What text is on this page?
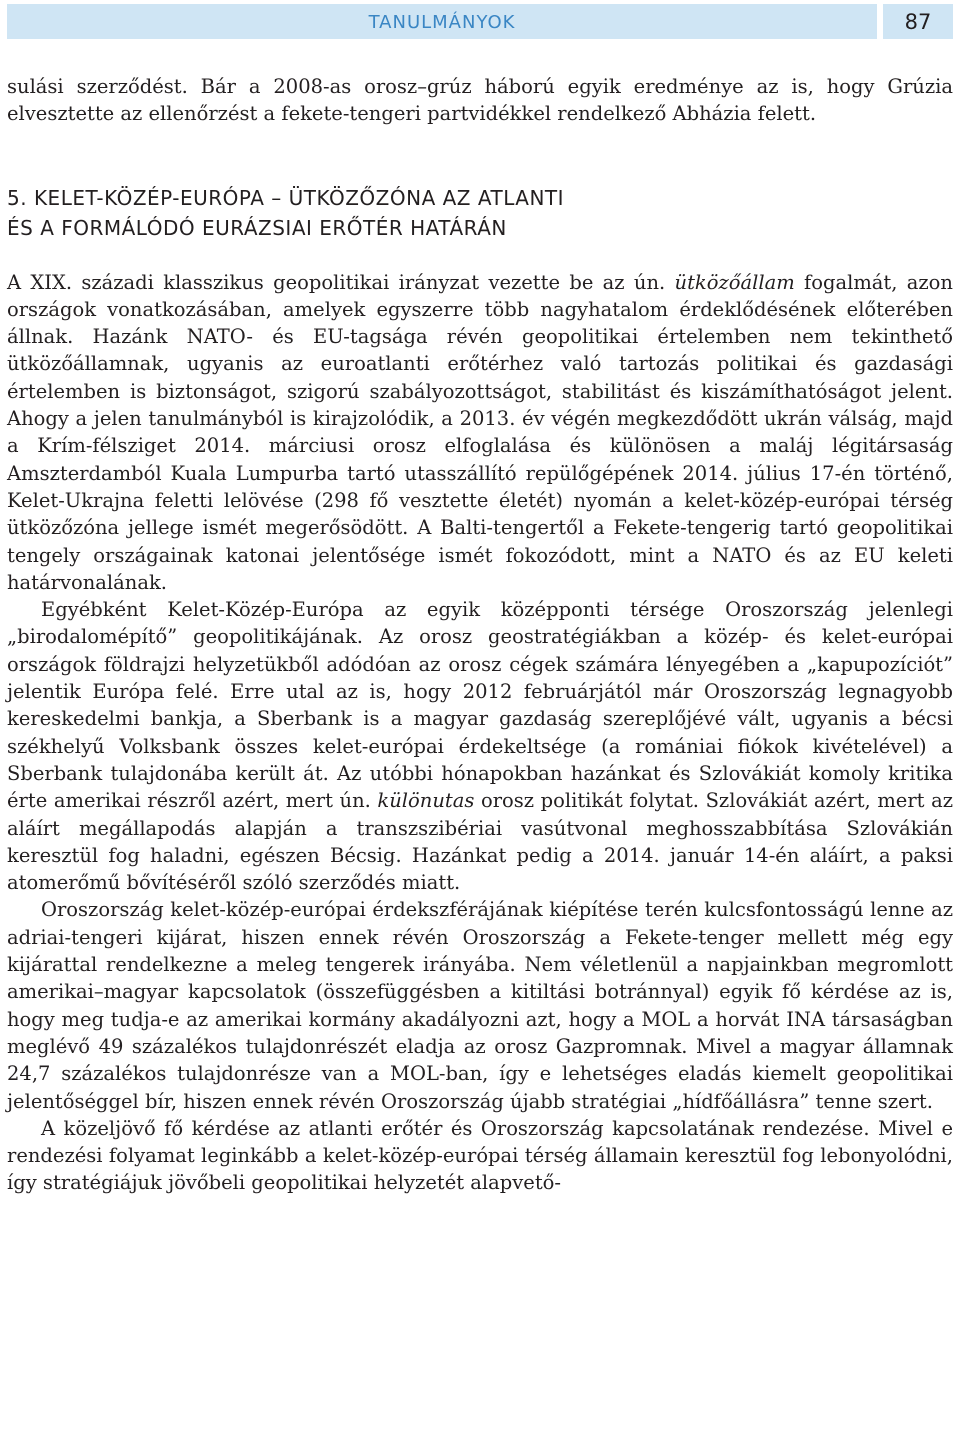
TANULMÁNYOK	87

sulási szerződést. Bár a 2008-as orosz–grúz háború egyik eredménye az is, hogy Grúzia elvesztette az ellenőrzést a fekete-tengeri partvidékkel rendelkező Abházia felett.

5. KELET-KÖZÉP-EURÓPA – ÜTKÖZŐZÓNA AZ ATLANTI
ÉS A FORMÁLÓDÓ EURÁZSIAI ERŐTÉR HATÁRÁN

A XIX. századi klasszikus geopolitikai irányzat vezette be az ún. ütközőállam fogalmát, azon országok vonatkozásában, amelyek egyszerre több nagyhatalom érdeklődésének előterében állnak. Hazánk NATO- és EU-tagsága révén geopolitikai értelemben nem tekinthető ütközőállamnak, ugyanis az euroatlanti erőtérhez való tartozás politikai és gazdasági értelemben is biztonságot, szigorú szabályozottságot, stabilitást és kiszámíthatóságot jelent. Ahogy a jelen tanulmányból is kirajzolódik, a 2013. év végén megkezdődött ukrán válság, majd a Krím-félsziget 2014. márciusi orosz elfoglalása és különösen a maláj légitársaság Amszterdamból Kuala Lumpurba tartó utasszállító repülőgépének 2014. július 17-én történő, Kelet-Ukrajna feletti lelövése (298 fő vesztette életét) nyomán a kelet-közép-európai térség ütközőzóna jellege ismét megerősödött. A Balti-tengertől a Fekete-tengerig tartó geopolitikai tengely országainak katonai jelentősége ismét fokozódott, mint a NATO és az EU keleti határvonalának.

Egyébként Kelet-Közép-Európa az egyik középponti térsége Oroszország jelenlegi „birodalomépítő” geopolitikájának. Az orosz geostratégiákban a közép- és kelet-európai országok földrajzi helyzetükből adódóan az orosz cégek számára lényegében a „kapupozíciót” jelentik Európa felé. Erre utal az is, hogy 2012 februárjától már Oroszország legnagyobb kereskedelmi bankja, a Sberbank is a magyar gazdaság szereplőjévé vált, ugyanis a bécsi székhelyű Volksbank összes kelet-európai érdekeltsége (a romániai fiókok kivételével) a Sberbank tulajdonába került át. Az utóbbi hónapokban hazánkat és Szlovákiát komoly kritika érte amerikai részről azért, mert ún. különutas orosz politikát folytat. Szlovákiát azért, mert az aláírt megállapodás alapján a transzszibériai vasútvonal meghosszabbítása Szlovákián keresztül fog haladni, egészen Bécsig. Hazánkat pedig a 2014. január 14-én aláírt, a paksi atomerőmű bővítéséről szóló szerződés miatt.

Oroszország kelet-közép-európai érdekszférájának kiépítése terén kulcsfontosságú lenne az adriai-tengeri kijárat, hiszen ennek révén Oroszország a Fekete-tenger mellett még egy kijárattal rendelkezne a meleg tengerek irányába. Nem véletlenül a napjainkban megromlott amerikai–magyar kapcsolatok (összefüggésben a kitiltási botránnyal) egyik fő kérdése az is, hogy meg tudja-e az amerikai kormány akadályozni azt, hogy a MOL a horvát INA társaságban meglévő 49 százalékos tulajdonrészét eladja az orosz Gazpromnak. Mivel a magyar államnak 24,7 százalékos tulajdonrésze van a MOL-ban, így e lehetséges eladás kiemelt geopolitikai jelentőséggel bír, hiszen ennek révén Oroszország újabb stratégiai „hídfőállásra” tenne szert.

A közeljövő fő kérdése az atlanti erőtér és Oroszország kapcsolatának rendezése. Mivel e rendezési folyamat leginkább a kelet-közép-európai térség államain keresztül fog lebonyolódni, így stratégiájuk jövőbeli geopolitikai helyzetét alapvető-
